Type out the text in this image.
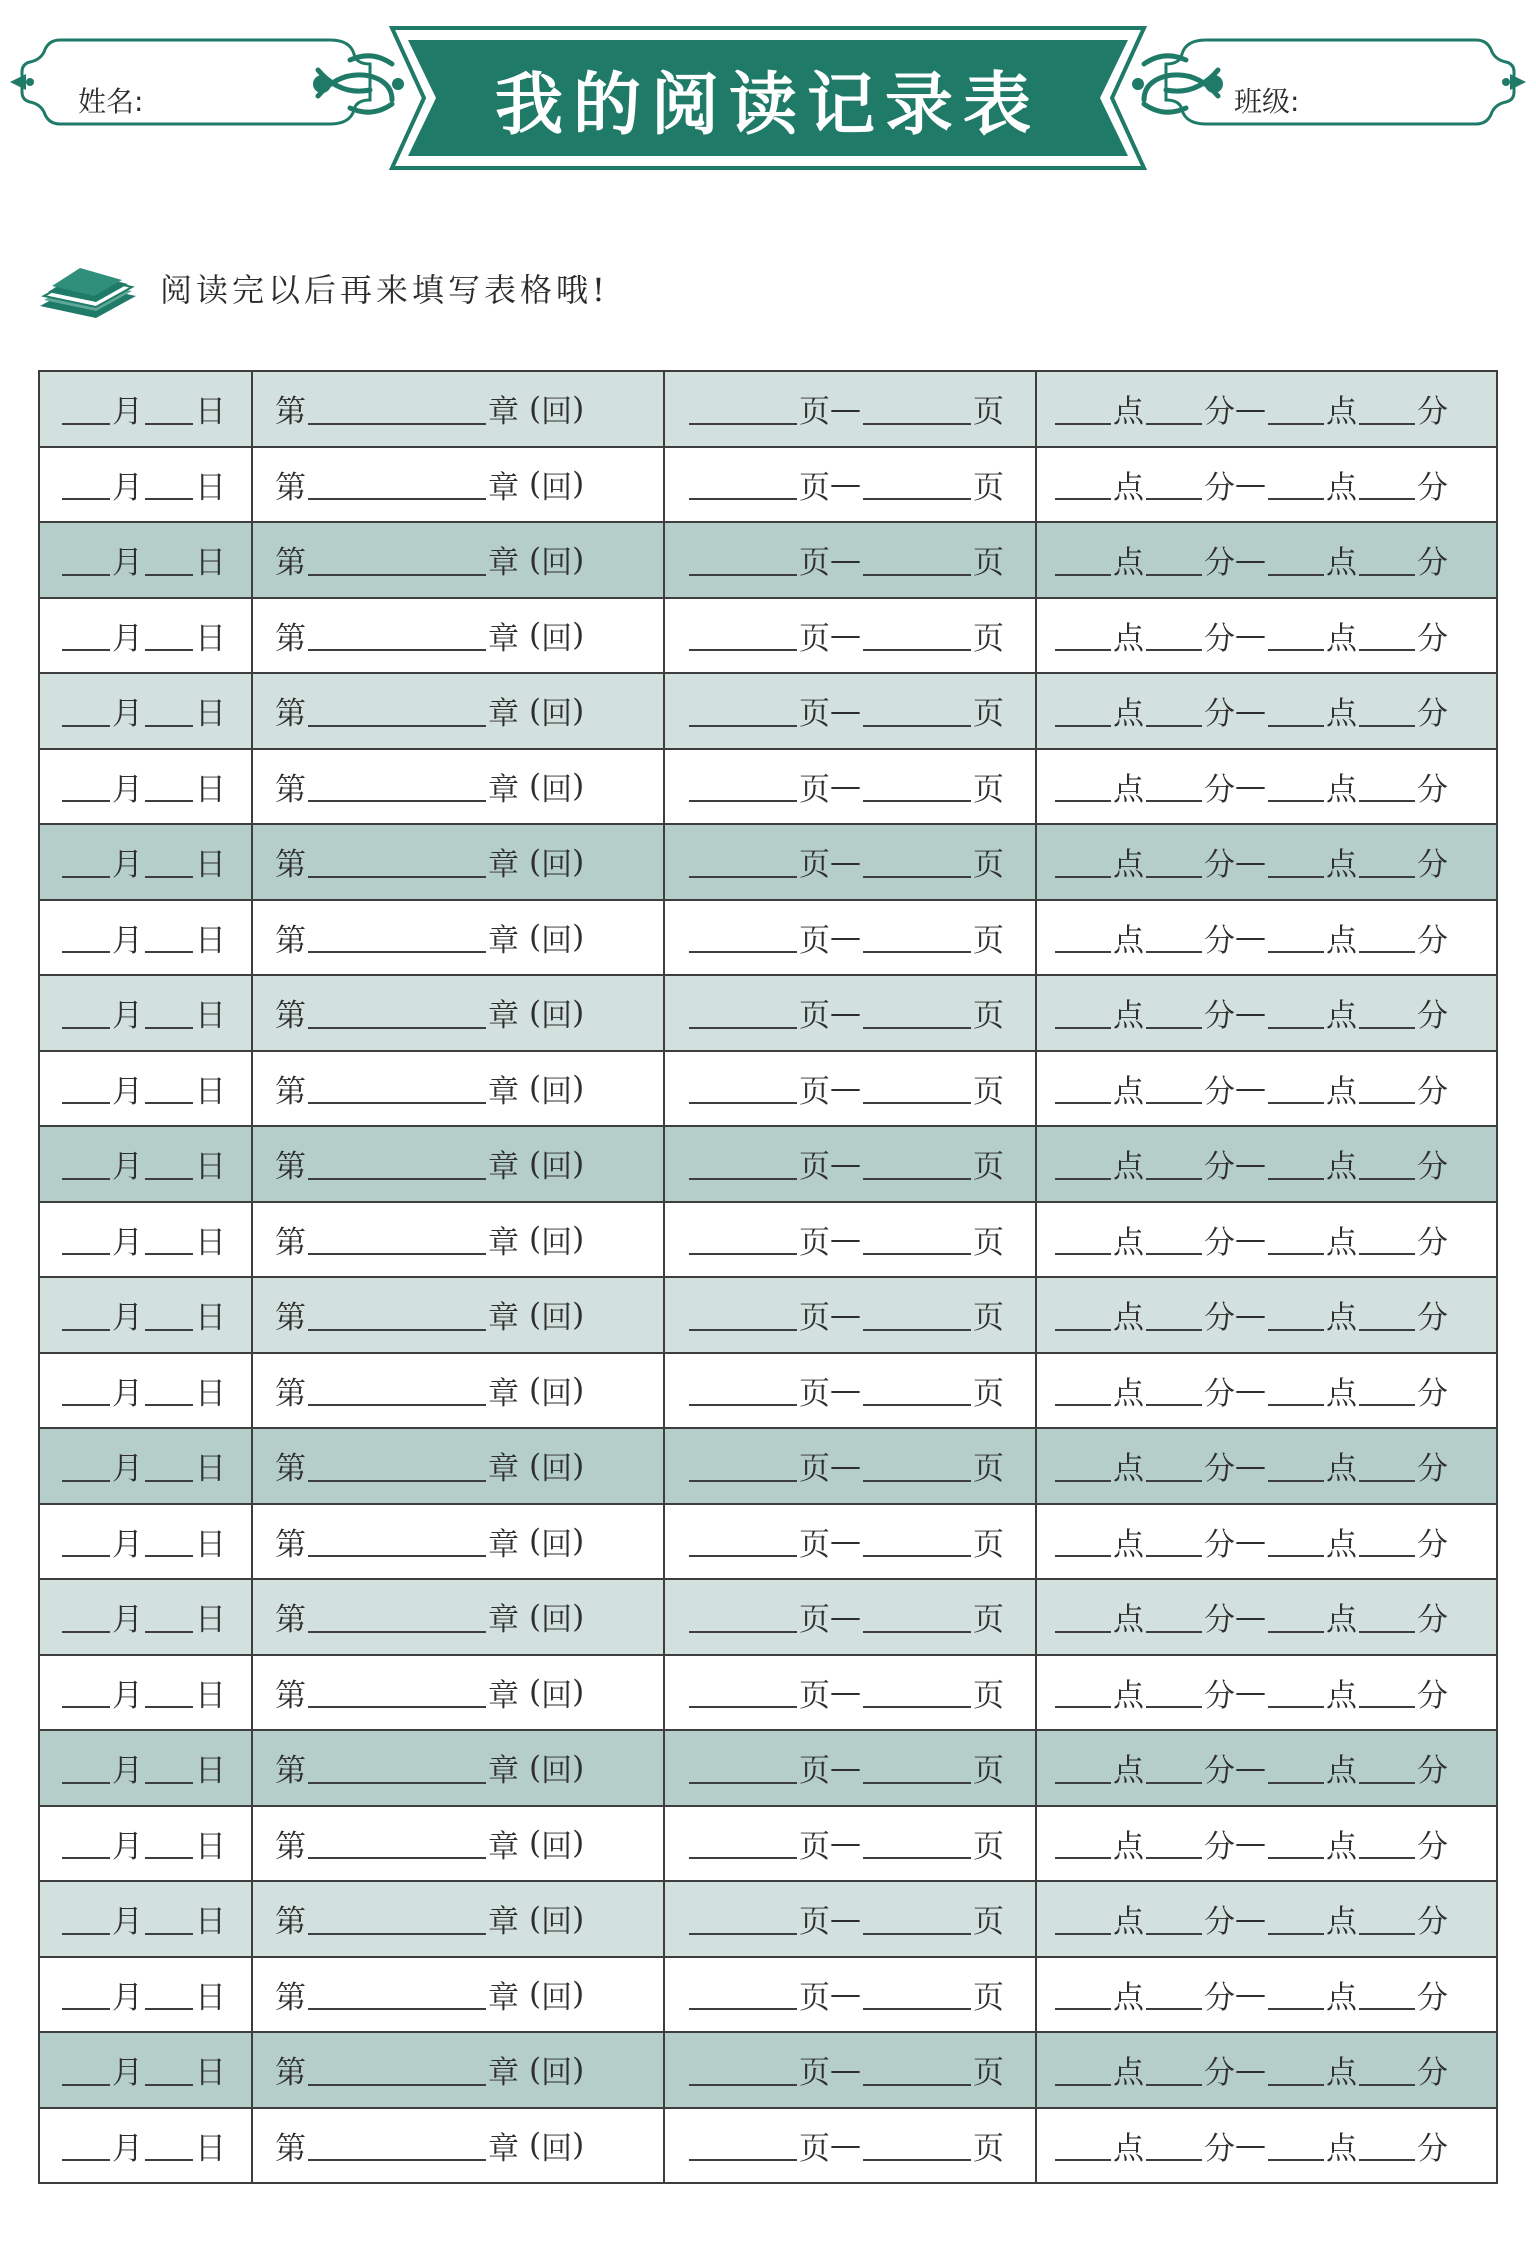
我的阅读记录表
姓名:	班级:
阅读完以后再来填写表格哦!
月 日	第 章 ( 回 )	页 — 页	点 分 — 点 分

月 日	第 章 ( 回 )	页 — 页	点 分 — 点 分

月 日	第 章 ( 回 )	页 — 页	点 分 — 点 分

月 日	第 章 ( 回 )	页 — 页	点 分 — 点 分

月 日	第 章 ( 回 )	页 — 页	点 分 — 点 分

月 日	第 章 ( 回 )	页 — 页	点 分 — 点 分

月 日	第 章 ( 回 )	页 — 页	点 分 — 点 分

月 日	第 章 ( 回 )	页 — 页	点 分 — 点 分

月 日	第 章 ( 回 )	页 — 页	点 分 — 点 分

月 日	第 章 ( 回 )	页 — 页	点 分 — 点 分

月 日	第 章 ( 回 )	页 — 页	点 分 — 点 分

月 日	第 章 ( 回 )	页 — 页	点 分 — 点 分

月 日	第 章 ( 回 )	页 — 页	点 分 — 点 分

月 日	第 章 ( 回 )	页 — 页	点 分 — 点 分

月 日	第 章 ( 回 )	页 — 页	点 分 — 点 分

月 日	第 章 ( 回 )	页 — 页	点 分 — 点 分

月 日	第 章 ( 回 )	页 — 页	点 分 — 点 分

月 日	第 章 ( 回 )	页 — 页	点 分 — 点 分

月 日	第 章 ( 回 )	页 — 页	点 分 — 点 分

月 日	第 章 ( 回 )	页 — 页	点 分 — 点 分

月 日	第 章 ( 回 )	页 — 页	点 分 — 点 分

月 日	第 章 ( 回 )	页 — 页	点 分 — 点 分

月 日	第 章 ( 回 )	页 — 页	点 分 — 点 分

月 日	第 章 ( 回 )	页 — 页	点 分 — 点 分
